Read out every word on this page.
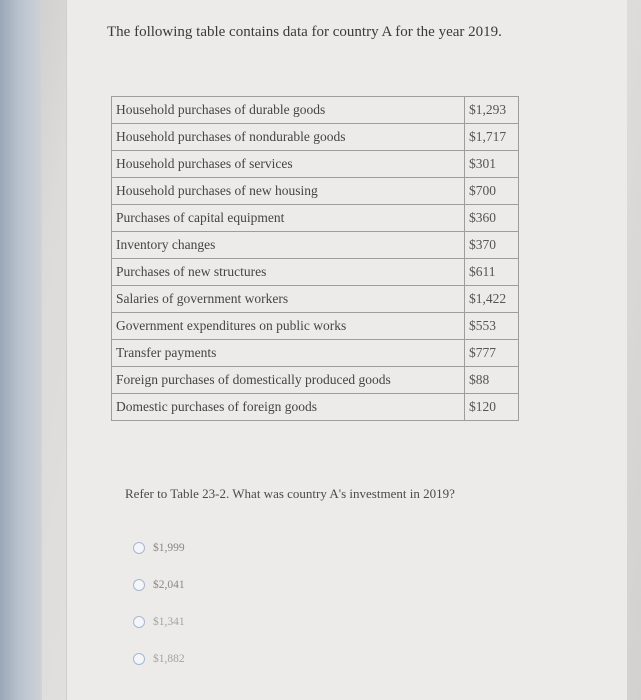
The following table contains data for country A for the year 2019.
Household purchases of durable goods	$1,293
Household purchases of nondurable goods	$1,717
Household purchases of services	$301
Household purchases of new housing	$700
Purchases of capital equipment	$360
Inventory changes	$370
Purchases of new structures	$611
Salaries of government workers	$1,422
Government expenditures on public works	$553
Transfer payments	$777
Foreign purchases of domestically produced goods	$88
Domestic purchases of foreign goods	$120
Refer to Table 23-2. What was country A's investment in 2019?
$1,999
$2,041
$1,341
$1,882
